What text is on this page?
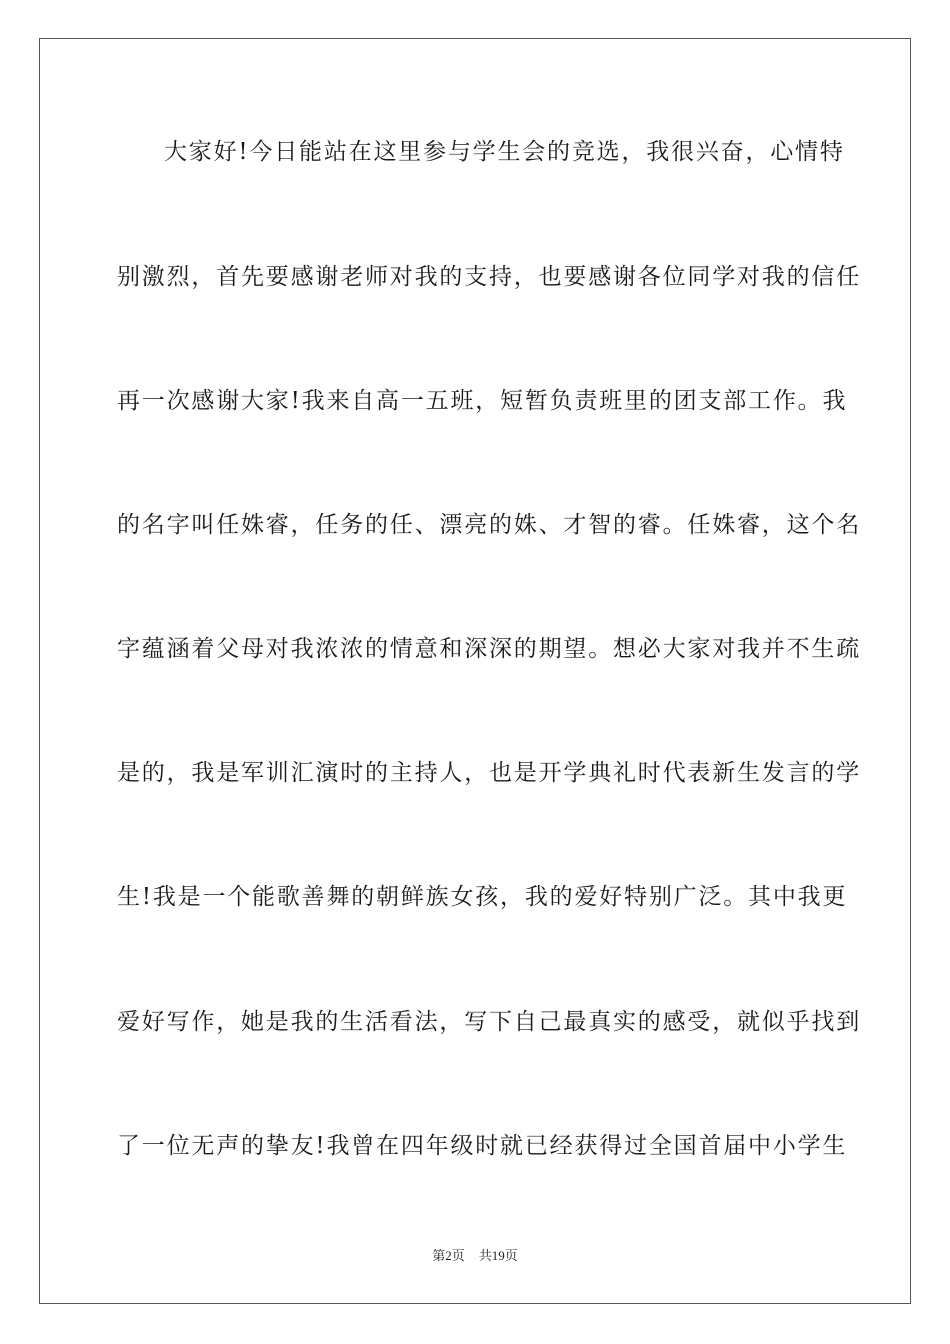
大家好!今日能站在这里参与学生会的竞选，我很兴奋，心情特
别激烈，首先要感谢老师对我的支持，也要感谢各位同学对我的信任
再一次感谢大家!我来自高一五班，短暂负责班里的团支部工作。我
的名字叫任姝睿，任务的任、漂亮的姝、才智的睿。任姝睿，这个名
字蕴涵着父母对我浓浓的情意和深深的期望。想必大家对我并不生疏
是的，我是军训汇演时的主持人，也是开学典礼时代表新生发言的学
生!我是一个能歌善舞的朝鲜族女孩，我的爱好特别广泛。其中我更
爱好写作，她是我的生活看法，写下自己最真实的感受，就似乎找到
了一位无声的挚友!我曾在四年级时就已经获得过全国首届中小学生
第2页 共19页
